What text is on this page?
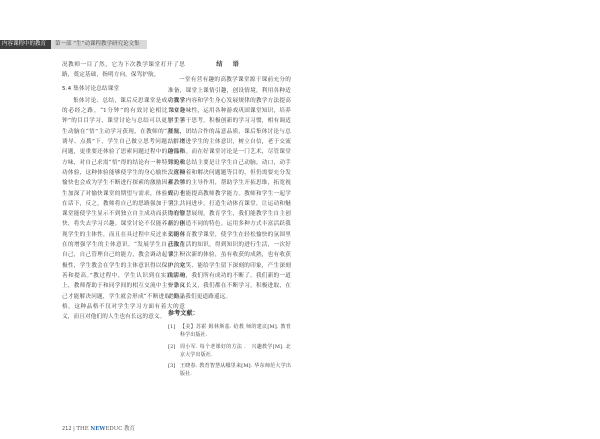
内容课程中的教育	第一部 “生”动课程教学研究论文集

况教师一目了然，它为下次教学课堂打开了思路，奠定基础，指明方向，保驾护航。

5.4 集体讨论总结课堂

集体讨论、总结，课后反思课堂是成功教学的必经之路。“1分钟”的有效讨论相比“10分钟”的目目学习，课堂讨论与总结可以更加了学生动脑在“悟”主动学习获现，在教师的“激发、诱导、点拨”下，学生自己做立思考问题、解决问题，更重要还体验了思索问题过程中的趣情和方味，对自己求需“悟”得的结论有一种特殊的成功体验，这种体验能够使学生的身心愉快，这种愉快也会成为学生不断进行探索的激励因素，学生加深了对愉快课堂的期望与需求，体验成功不在话下，反之，教师将自己的思路强加于学生，课堂能使学生显示不到独立自主成功而获得的愉快，将失去学习兴趣。课堂讨论不仅能养在的体现学生的主体性，而且在具过程中反过来又能有在的增强学生的主体意识。“发展学生自己教育自己，自己管理自己的能力，教会调动起学生积极性，学生教会在学生的主体意识得以保护，完善和提高。”教过程中，学生认识到在实践活动上，教师帮助于和同学间的相互交流中主要靠自己才能解决问题，学生就会形成“不断进取”的品格，这种品格不仅对学生学习方面有着大的意义，而且对他们的人生也有长远的意义。

结 语

一堂有营有趣的高教学课堂源于课前充分的准备，课堂上课情引趣，创设情境，利用各种适合课堂内容和学生身心发展规律的教学方法提高课堂趣味性，运用各种游戏巩固课堂知识，培养学生善于思考，积极创新的学习习惯，相有调适择画，团结合作的品意品质，课后集体讨论与总结，增进学生的主体意识，树立自信，老于交流的品格。而在好课堂讨论是一门艺术，尽管课堂讨论和总结主要是让学生自己动脑，动口，动手发挥摘着和解决问题题等目的，但仍需要充分发挥教师的主导作用，帮助学生开拓思维，拓宽视野，也能提高教师教学能力。教师和学生一起学习，共同进步，打造生动体育课堂，让运动和魅力在智慧展现，教育学生，我们能教学生自主创新，创造不同的特色。运用多种方式丰富活跃我们的体育教学课堂，使学生在轻松愉快的氛围里获取生活的知识，得到知识的进行生活，一次好课，一次新的体验，虽有收获的成熟，也有收获中的欢笑、能给学生留下深刻的印象，产生深刻的影响，我们所有成功的不断了，我们新的一道一条又长又，我们都在不断学习，积极进取，在走路上我们更道路遥远。

参考文献：
[1] 【美】苏霍 姆林斯基. 给教 师的建议[M]. 教育科学出版社.
[2] 周小军. 每个老课好的方法 ． 兴趣教学[M]. 北京大学出版社.
[3] 王晓春. 教育智慧从哪里来[M]. 华东师范大学出版社.
212 | THE NEWEDUC 教育
